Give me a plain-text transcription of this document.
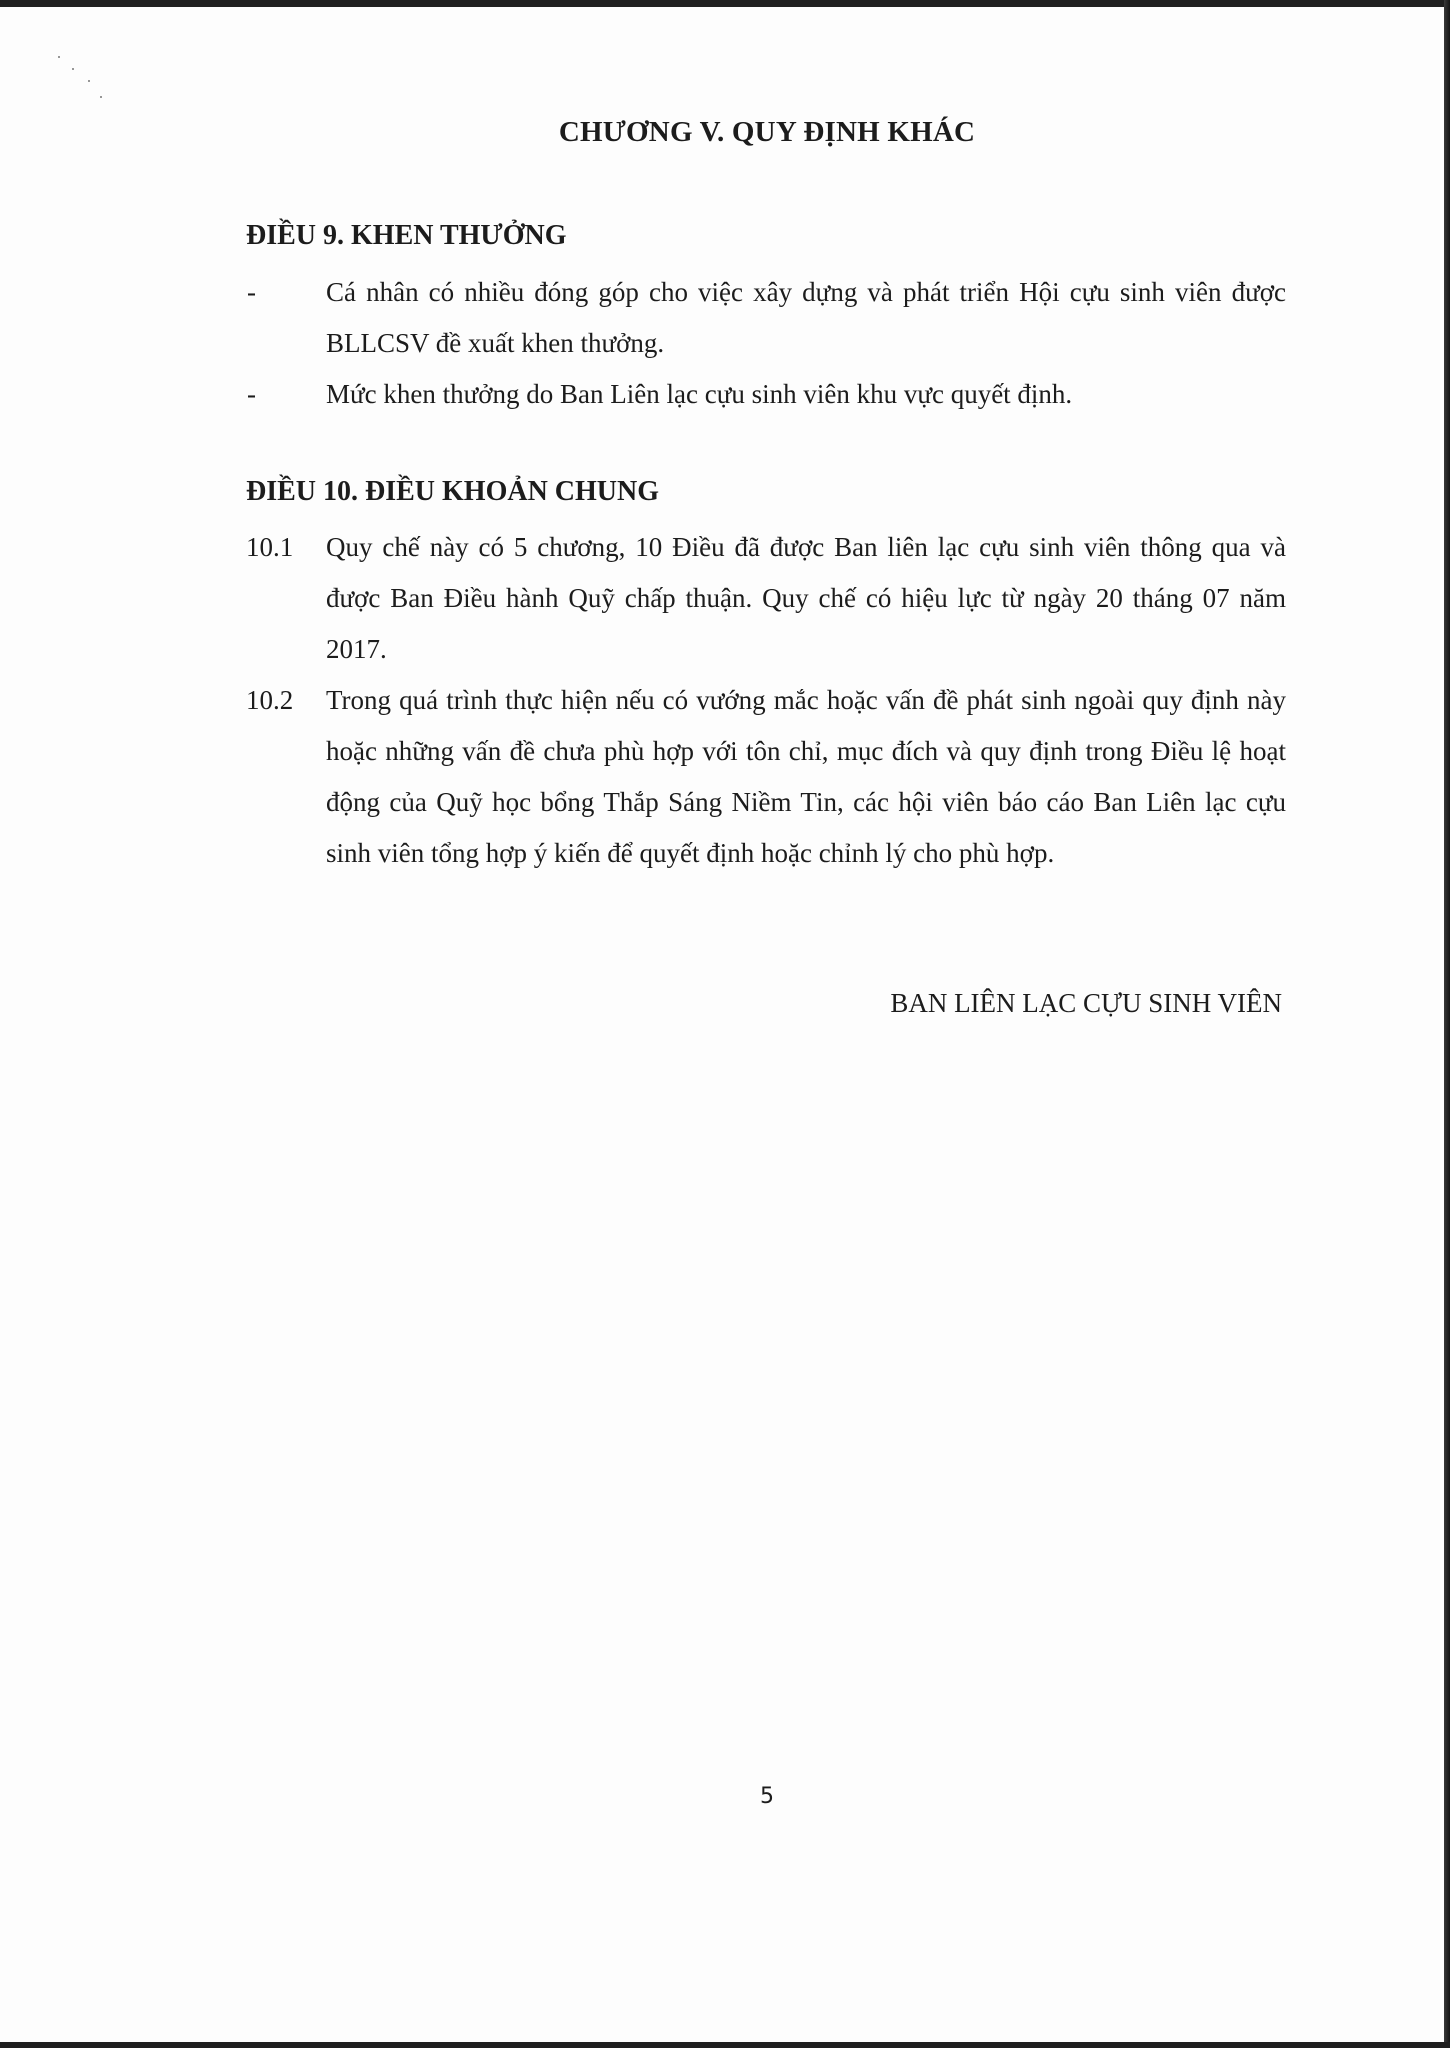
CHƯƠNG V. QUY ĐỊNH KHÁC
ĐIỀU 9. KHEN THƯỞNG
-	Cá nhân có nhiều đóng góp cho việc xây dựng và phát triển Hội cựu sinh viên được BLLCSV đề xuất khen thưởng.
-	Mức khen thưởng do Ban Liên lạc cựu sinh viên khu vực quyết định.
ĐIỀU 10. ĐIỀU KHOẢN CHUNG
10.1 Quy chế này có 5 chương, 10 Điều đã được Ban liên lạc cựu sinh viên thông qua và được Ban Điều hành Quỹ chấp thuận. Quy chế có hiệu lực từ ngày 20 tháng 07 năm 2017.
10.2 Trong quá trình thực hiện nếu có vướng mắc hoặc vấn đề phát sinh ngoài quy định này hoặc những vấn đề chưa phù hợp với tôn chỉ, mục đích và quy định trong Điều lệ hoạt động của Quỹ học bổng Thắp Sáng Niềm Tin, các hội viên báo cáo Ban Liên lạc cựu sinh viên tổng hợp ý kiến để quyết định hoặc chỉnh lý cho phù hợp.
BAN LIÊN LẠC CỰU SINH VIÊN
5
